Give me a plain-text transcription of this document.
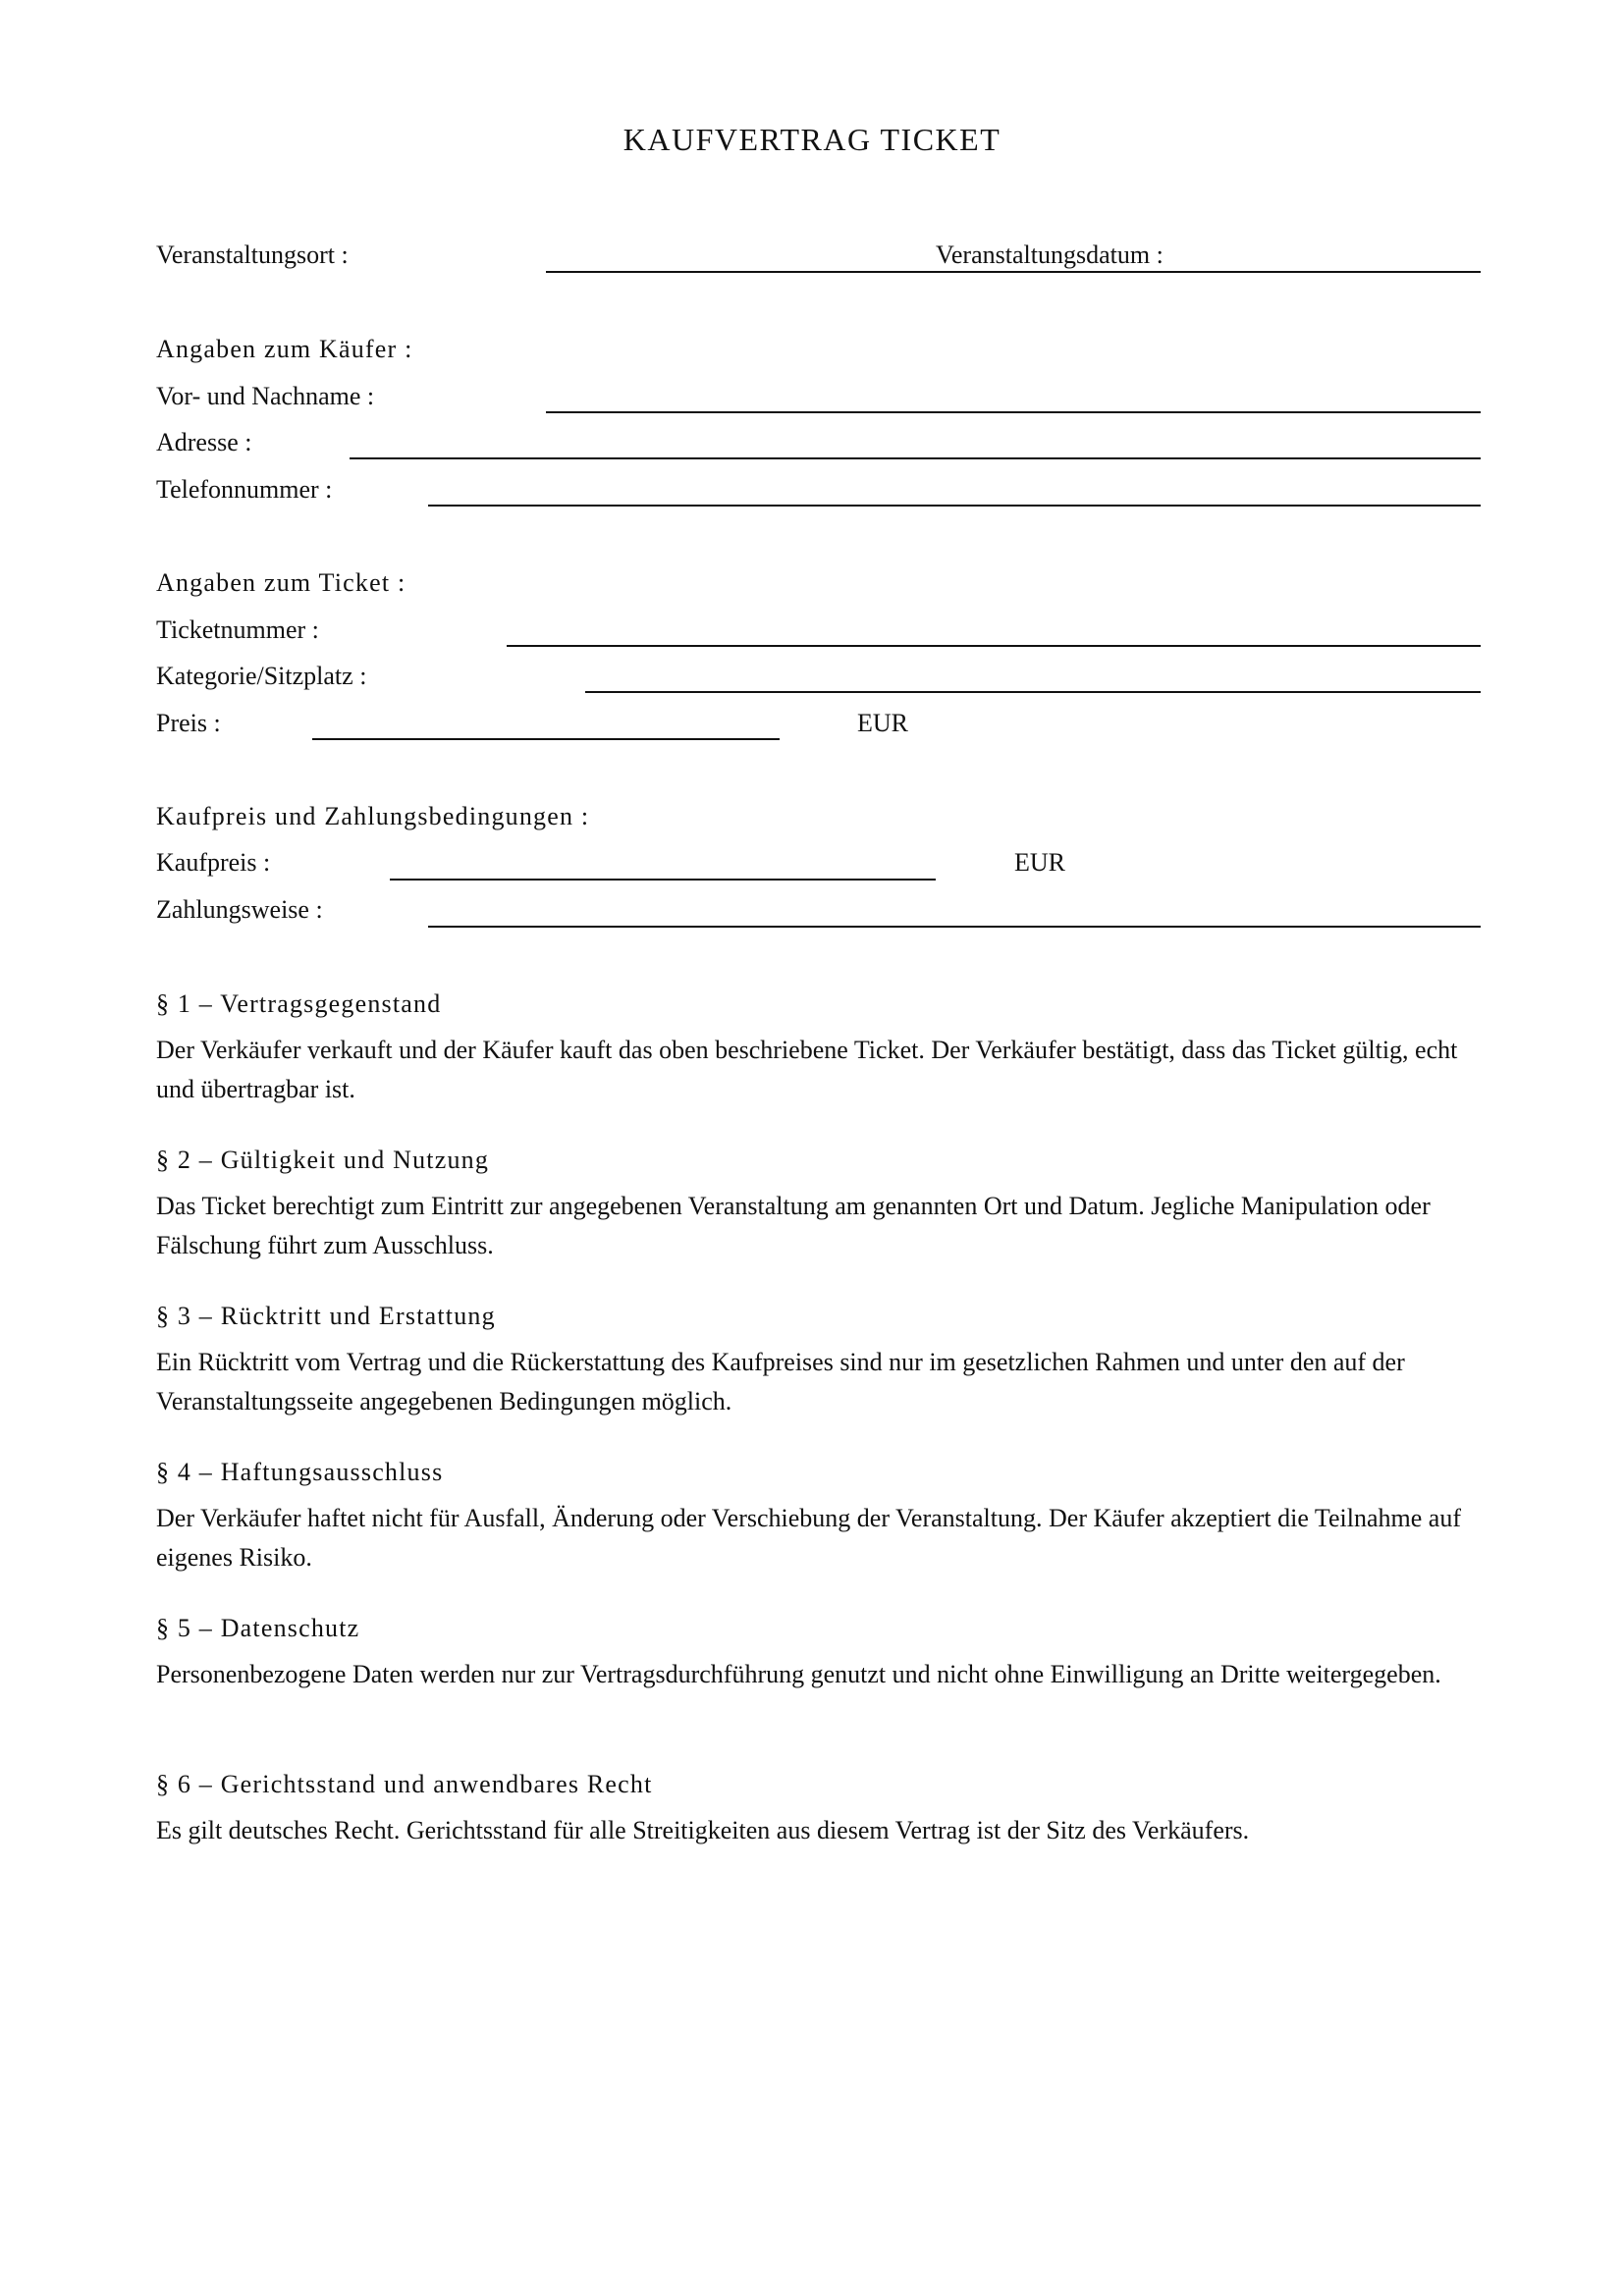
KAUFVERTRAG TICKET
Veranstaltungsort :	Veranstaltungsdatum :
Angaben zum Käufer :
Vor- und Nachname :
Adresse :
Telefonnummer :
Angaben zum Ticket :
Ticketnummer :
Kategorie/Sitzplatz :
Preis :	EUR
Kaufpreis und Zahlungsbedingungen :
Kaufpreis :	EUR
Zahlungsweise :
§ 1 – Vertragsgegenstand
Der Verkäufer verkauft und der Käufer kauft das oben beschriebene Ticket. Der Verkäufer bestätigt, dass das Ticket gültig, echt und übertragbar ist.
§ 2 – Gültigkeit und Nutzung
Das Ticket berechtigt zum Eintritt zur angegebenen Veranstaltung am genannten Ort und Datum. Jegliche Manipulation oder Fälschung führt zum Ausschluss.
§ 3 – Rücktritt und Erstattung
Ein Rücktritt vom Vertrag und die Rückerstattung des Kaufpreises sind nur im gesetzlichen Rahmen und unter den auf der Veranstaltungsseite angegebenen Bedingungen möglich.
§ 4 – Haftungsausschluss
Der Verkäufer haftet nicht für Ausfall, Änderung oder Verschiebung der Veranstaltung. Der Käufer akzeptiert die Teilnahme auf eigenes Risiko.
§ 5 – Datenschutz
Personenbezogene Daten werden nur zur Vertragsdurchführung genutzt und nicht ohne Einwilligung an Dritte weitergegeben.
§ 6 – Gerichtsstand und anwendbares Recht
Es gilt deutsches Recht. Gerichtsstand für alle Streitigkeiten aus diesem Vertrag ist der Sitz des Verkäufers.
